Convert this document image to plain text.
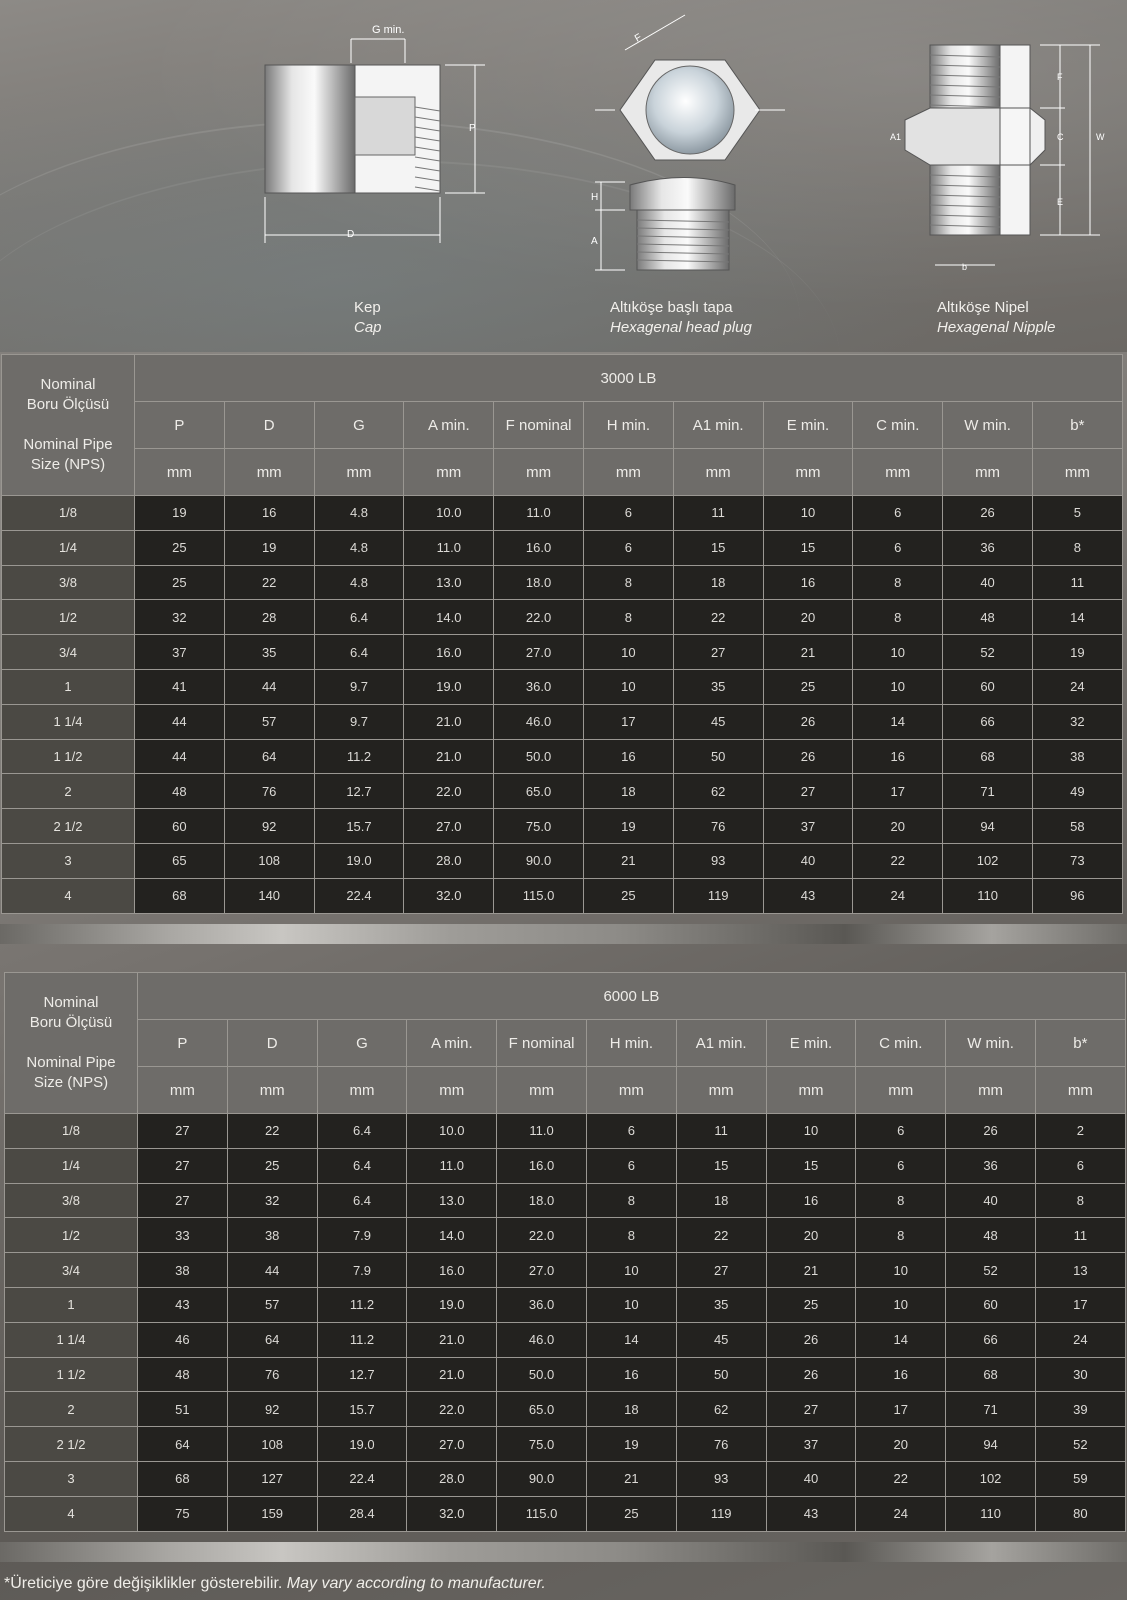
G min.
P
D
F
H
A
F
A1	C	W
E
b
Kep
Cap
Altıköşe başlı tapa
Hexagenal head plug
Altıköşe Nipel
Hexagenal Nipple
Nominal
Boru Ölçüsü

Nominal Pipe
Size (NPS)	3000 LB										
	P	D	G	A min.	F nominal	H min.	A1 min.	E min.	C min.	W min.	b*
	mm	mm	mm	mm	mm	mm	mm	mm	mm	mm	mm
1/8	19	16	4.8	10.0	11.0	6	11	10	6	26	5
1/4	25	19	4.8	11.0	16.0	6	15	15	6	36	8
3/8	25	22	4.8	13.0	18.0	8	18	16	8	40	11
1/2	32	28	6.4	14.0	22.0	8	22	20	8	48	14
3/4	37	35	6.4	16.0	27.0	10	27	21	10	52	19
1	41	44	9.7	19.0	36.0	10	35	25	10	60	24
1 1/4	44	57	9.7	21.0	46.0	17	45	26	14	66	32
1 1/2	44	64	11.2	21.0	50.0	16	50	26	16	68	38
2	48	76	12.7	22.0	65.0	18	62	27	17	71	49
2 1/2	60	92	15.7	27.0	75.0	19	76	37	20	94	58
3	65	108	19.0	28.0	90.0	21	93	40	22	102	73
4	68	140	22.4	32.0	115.0	25	119	43	24	110	96
Nominal
Boru Ölçüsü

Nominal Pipe
Size (NPS)	6000 LB										
	P	D	G	A min.	F nominal	H min.	A1 min.	E min.	C min.	W min.	b*
	mm	mm	mm	mm	mm	mm	mm	mm	mm	mm	mm
1/8	27	22	6.4	10.0	11.0	6	11	10	6	26	2
1/4	27	25	6.4	11.0	16.0	6	15	15	6	36	6
3/8	27	32	6.4	13.0	18.0	8	18	16	8	40	8
1/2	33	38	7.9	14.0	22.0	8	22	20	8	48	11
3/4	38	44	7.9	16.0	27.0	10	27	21	10	52	13
1	43	57	11.2	19.0	36.0	10	35	25	10	60	17
1 1/4	46	64	11.2	21.0	46.0	14	45	26	14	66	24
1 1/2	48	76	12.7	21.0	50.0	16	50	26	16	68	30
2	51	92	15.7	22.0	65.0	18	62	27	17	71	39
2 1/2	64	108	19.0	27.0	75.0	19	76	37	20	94	52
3	68	127	22.4	28.0	90.0	21	93	40	22	102	59
4	75	159	28.4	32.0	115.0	25	119	43	24	110	80
*Üreticiye göre değişiklikler gösterebilir. May vary according to manufacturer.
